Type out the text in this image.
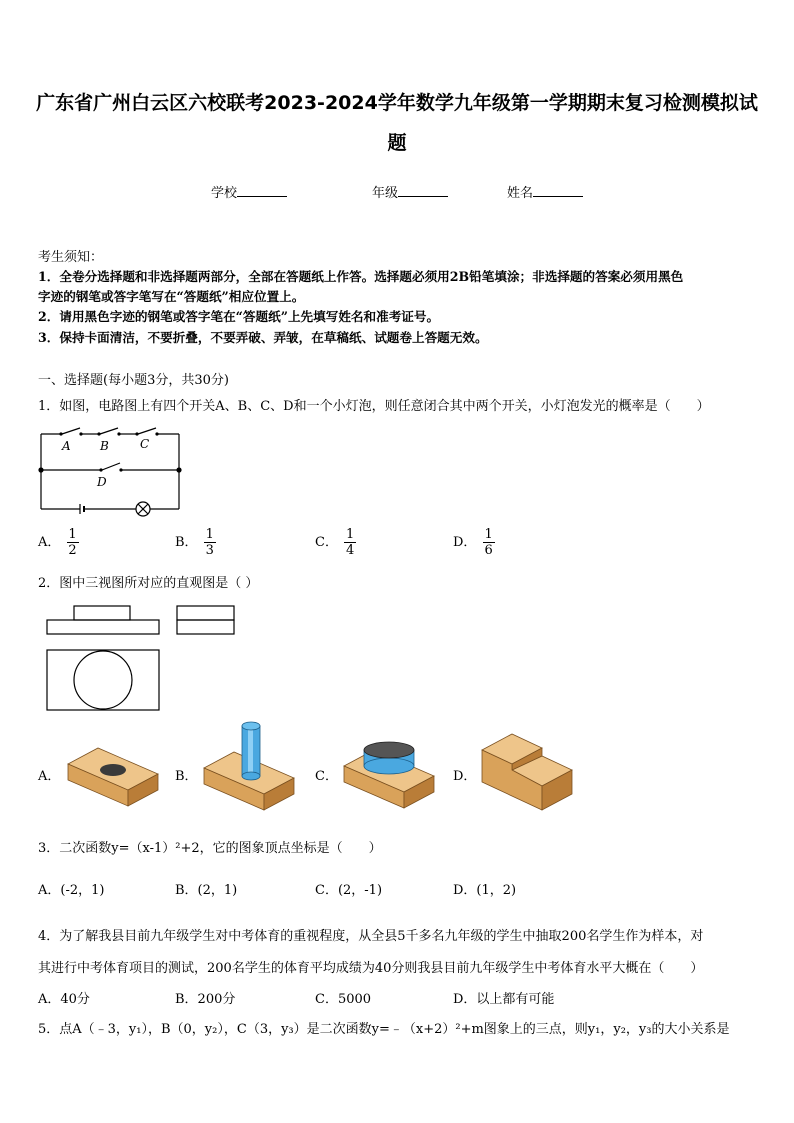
广东省广州白云区六校联考2023-2024学年数学九年级第一学期期末复习检测模拟试
题
学校	年级	姓名
考生须知：
1．全卷分选择题和非选择题两部分，全部在答题纸上作答。选择题必须用2B铅笔填涂；非选择题的答案必须用黑色
字迹的钢笔或答字笔写在“答题纸”相应位置上。
2．请用黑色字迹的钢笔或答字笔在“答题纸”上先填写姓名和准考证号。
3．保持卡面清洁，不要折叠，不要弄破、弄皱，在草稿纸、试题卷上答题无效。
一、选择题(每小题3分，共30分)
1．如图，电路图上有四个开关A、B、C、D和一个小灯泡，则任意闭合其中两个开关，小灯泡发光的概率是（　　）
A B	C
D
A． $\frac{1}{2}$	B． $\frac{1}{3}$	C． $\frac{1}{4}$	D． $\frac{1}{6}$
2．图中三视图所对应的直观图是（ ）
A．	B．	C．	D．
3．二次函数y=（x-1）²+2，它的图象顶点坐标是（　　）
A．(-2，1)	B．(2，1)	C．(2，-1)	D．(1，2)
4．为了解我县目前九年级学生对中考体育的重视程度，从全县5千多名九年级的学生中抽取200名学生作为样本，对
其进行中考体育项目的测试，200名学生的体育平均成绩为40分则我县目前九年级学生中考体育水平大概在（　　）
A．40分	B．200分	C．5000	D．以上都有可能
5．点A（﹣3，y₁），B（0，y₂），C（3，y₃）是二次函数y=﹣（x+2）²+m图象上的三点，则y₁，y₂，y₃的大小关系是
